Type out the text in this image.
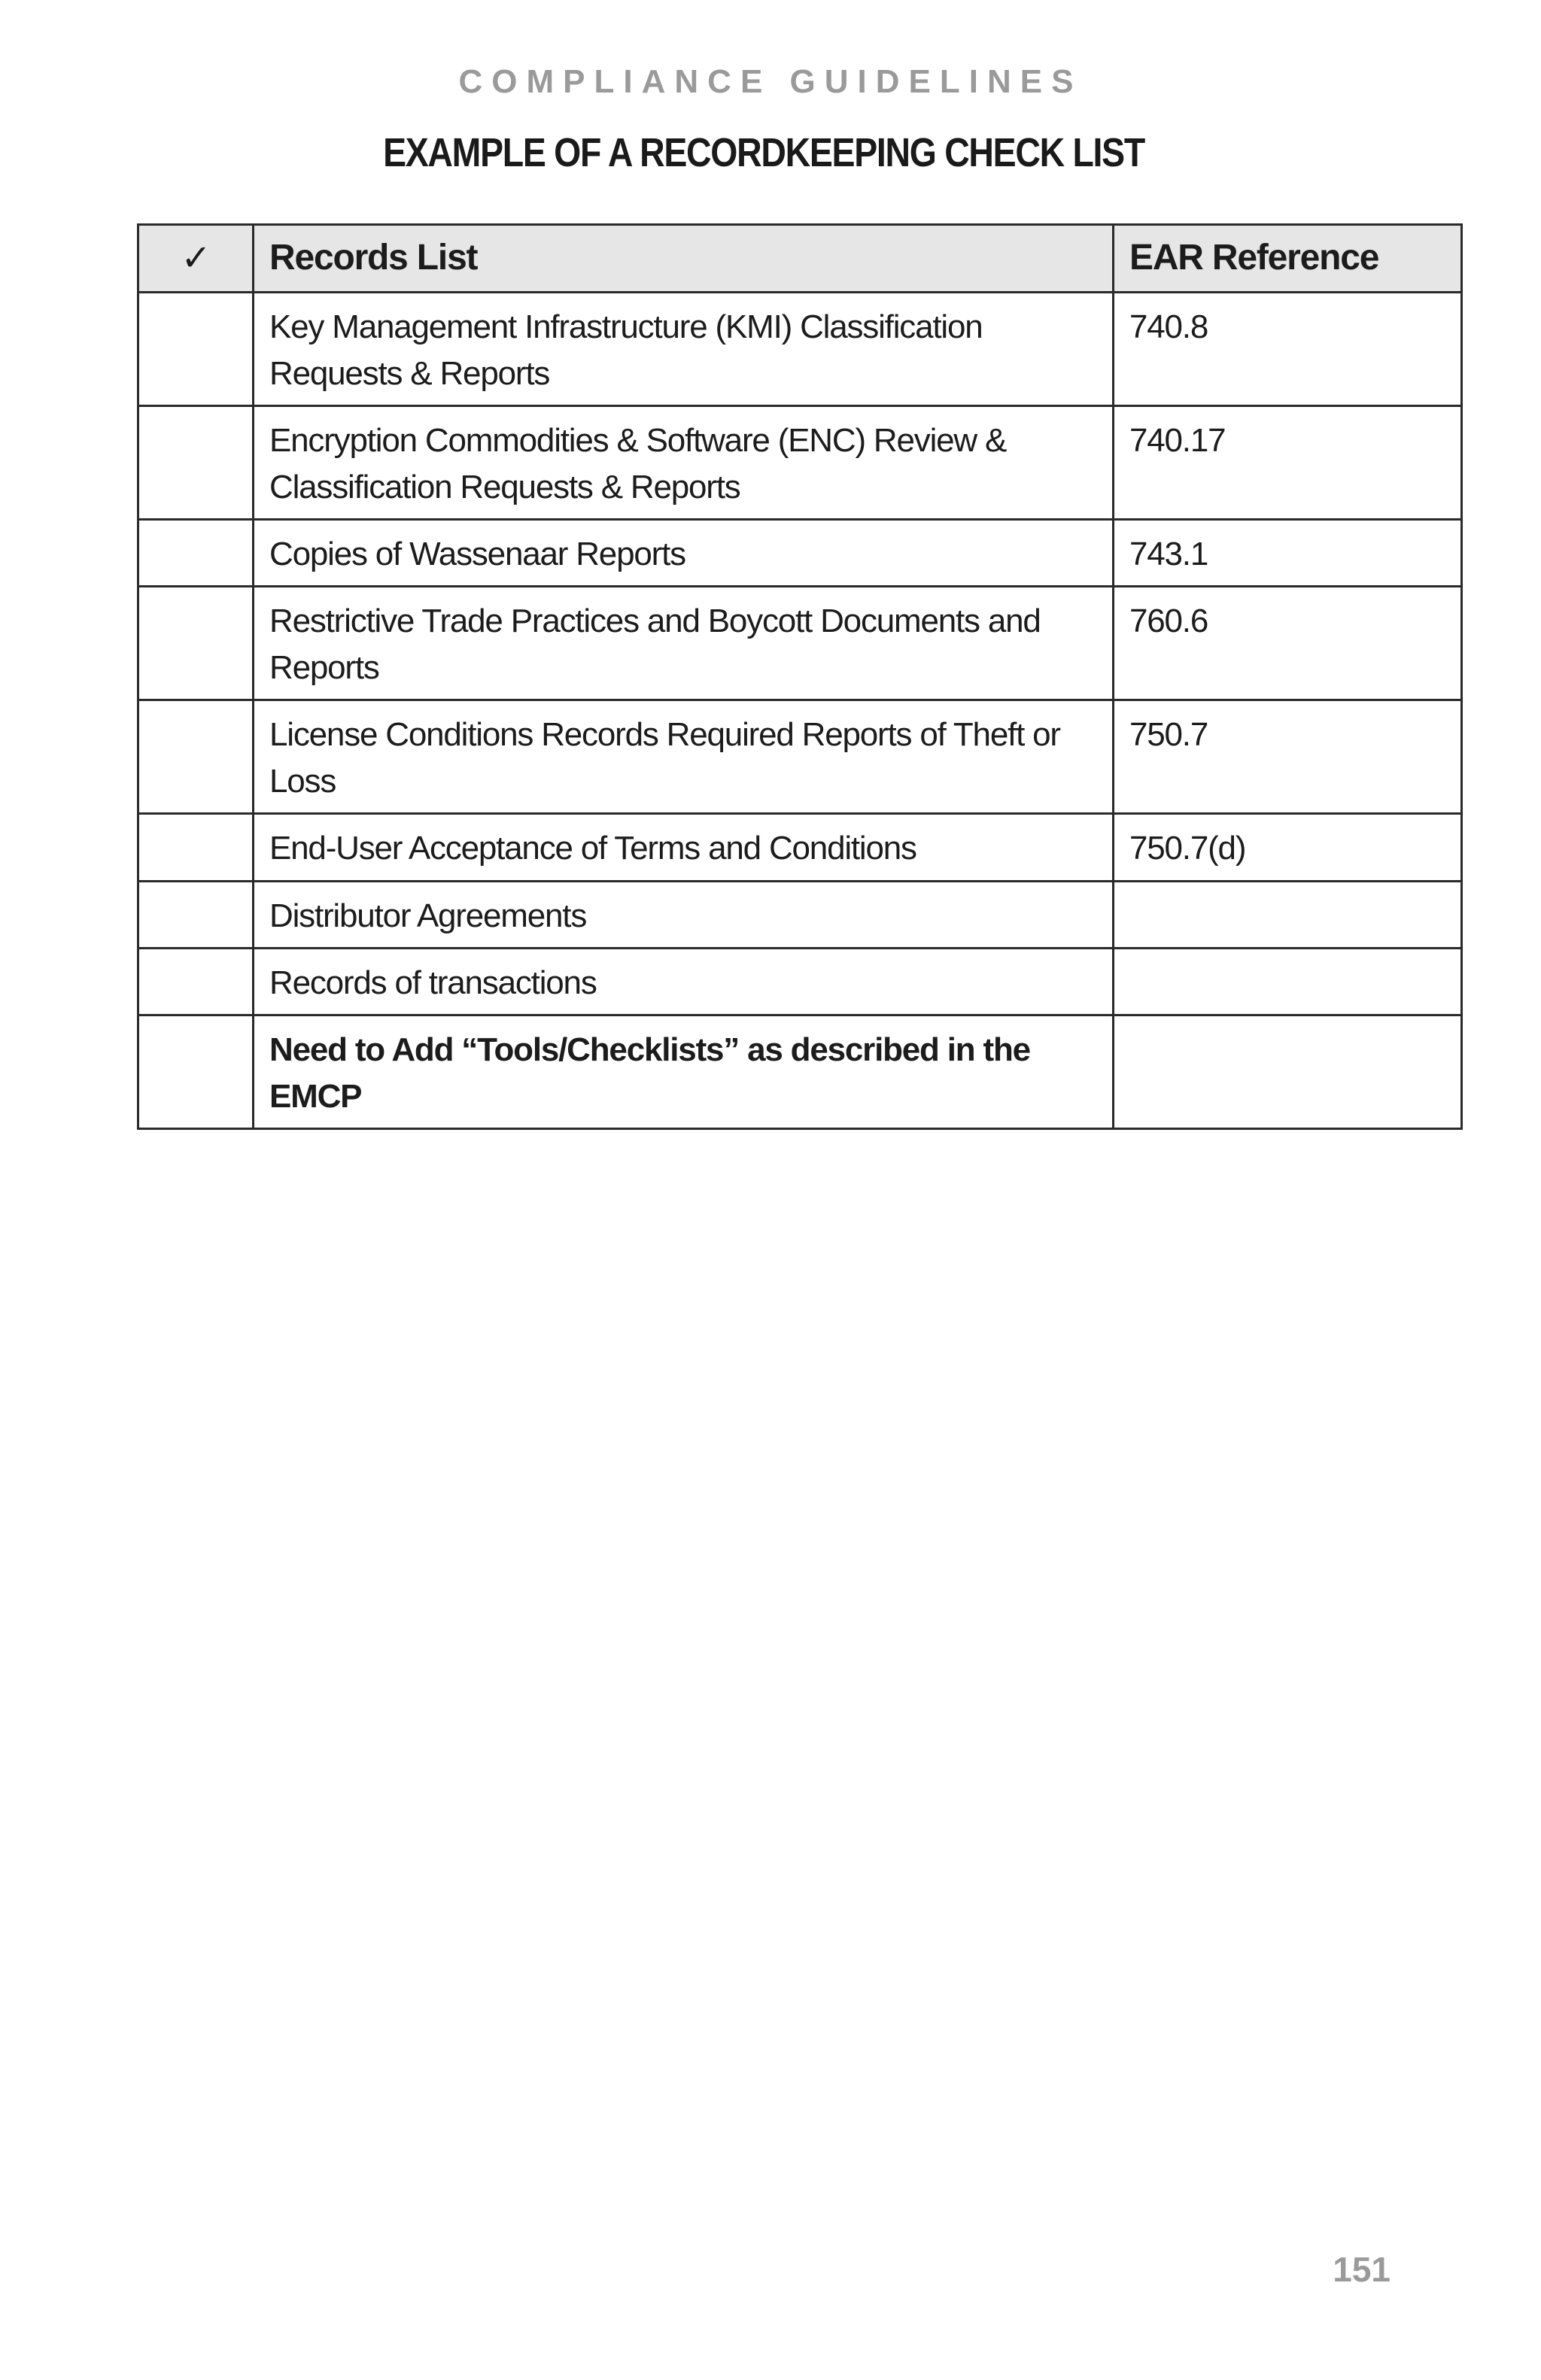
COMPLIANCE GUIDELINES
EXAMPLE OF A RECORDKEEPING CHECK LIST
✓	Records List	EAR Reference
	Key Management Infrastructure (KMI) Classification Requests & Reports	740.8
	Encryption Commodities & Software (ENC) Review & Classification Requests & Reports	740.17
	Copies of Wassenaar Reports	743.1
	Restrictive Trade Practices and Boycott Documents and Reports	760.6
	License Conditions Records Required Reports of Theft or Loss	750.7
	End-User Acceptance of Terms and Conditions	750.7(d)
	Distributor Agreements	
	Records of transactions	
	Need to Add “Tools/Checklists” as described in the EMCP	
151
